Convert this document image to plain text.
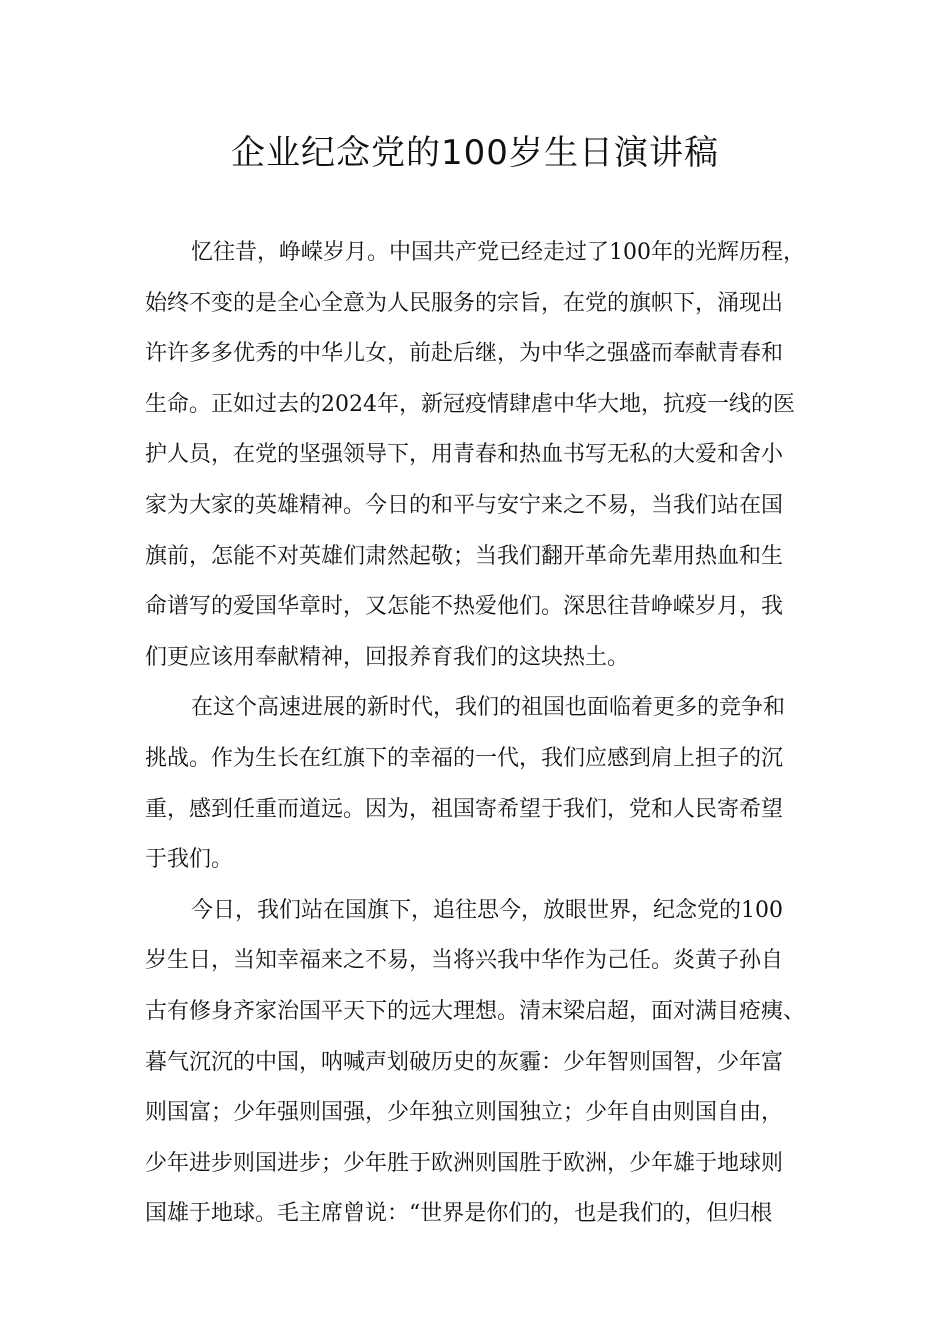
企业纪念党的100岁生日演讲稿
忆往昔，峥嵘岁月。中国共产党已经走过了100年的光辉历程，
始终不变的是全心全意为人民服务的宗旨，在党的旗帜下，涌现出
许许多多优秀的中华儿女，前赴后继，为中华之强盛而奉献青春和
生命。正如过去的2024年，新冠疫情肆虐中华大地，抗疫一线的医
护人员，在党的坚强领导下，用青春和热血书写无私的大爱和舍小
家为大家的英雄精神。今日的和平与安宁来之不易，当我们站在国
旗前，怎能不对英雄们肃然起敬；当我们翻开革命先辈用热血和生
命谱写的爱国华章时，又怎能不热爱他们。深思往昔峥嵘岁月，我
们更应该用奉献精神，回报养育我们的这块热土。
在这个高速进展的新时代，我们的祖国也面临着更多的竞争和
挑战。作为生长在红旗下的幸福的一代，我们应感到肩上担子的沉
重，感到任重而道远。因为，祖国寄希望于我们，党和人民寄希望
于我们。
今日，我们站在国旗下，追往思今，放眼世界，纪念党的100
岁生日，当知幸福来之不易，当将兴我中华作为己任。炎黄子孙自
古有修身齐家治国平天下的远大理想。清末梁启超，面对满目疮痍、
暮气沉沉的中国，呐喊声划破历史的灰霾：少年智则国智，少年富
则国富；少年强则国强，少年独立则国独立；少年自由则国自由，
少年进步则国进步；少年胜于欧洲则国胜于欧洲，少年雄于地球则
国雄于地球。毛主席曾说：“世界是你们的，也是我们的，但归根
